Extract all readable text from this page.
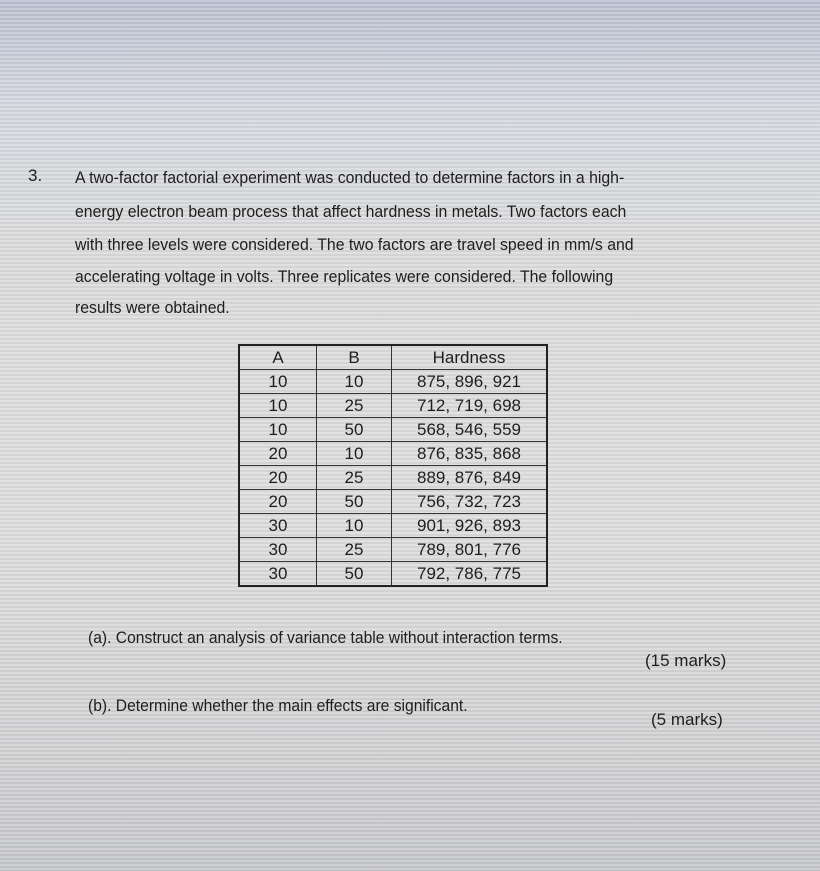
3. A two-factor factorial experiment was conducted to determine factors in a high-
energy electron beam process that affect hardness in metals. Two factors each
with three levels were considered. The two factors are travel speed in mm/s and
accelerating voltage in volts. Three replicates were considered. The following
results were obtained.
A	B	Hardness
10	10	875, 896, 921
10	25	712, 719, 698
10	50	568, 546, 559
20	10	876, 835, 868
20	25	889, 876, 849
20	50	756, 732, 723
30	10	901, 926, 893
30	25	789, 801, 776
30	50	792, 786, 775
(a). Construct an analysis of variance table without interaction terms.
(15 marks)
(b). Determine whether the main effects are significant.
(5 marks)
